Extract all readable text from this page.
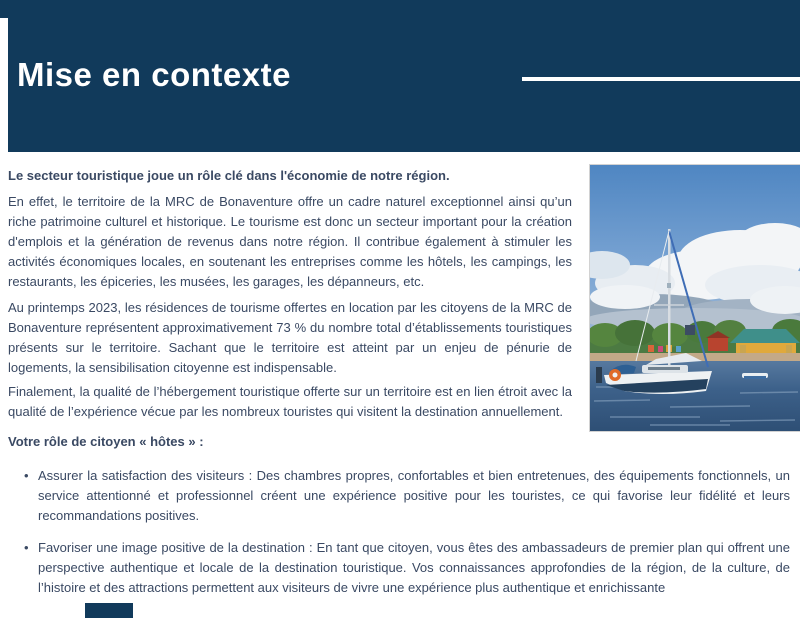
Mise en contexte

Le secteur touristique joue un rôle clé dans l'économie de notre région.

En effet, le territoire de la MRC de Bonaventure offre un cadre naturel exceptionnel ainsi qu’un riche patrimoine culturel et historique. Le tourisme est donc un secteur important pour la création d'emplois et la génération de revenus dans notre région. Il contribue également à stimuler les activités économiques locales, en soutenant les entreprises comme les hôtels, les campings, les restaurants, les épiceries, les musées, les garages, les dépanneurs, etc.

Au printemps 2023, les résidences de tourisme offertes en location par les citoyens de la MRC de Bonaventure représentent approximativement 73 % du nombre total d’établissements touristiques présents sur le territoire. Sachant que le territoire est atteint par un enjeu de pénurie de logements, la sensibilisation citoyenne est indispensable.

Finalement, la qualité de l’hébergement touristique offerte sur un territoire est en lien étroit avec la qualité de l’expérience vécue par les nombreux touristes qui visitent la destination annuellement.

Votre rôle de citoyen « hôtes » :

• Assurer la satisfaction des visiteurs : Des chambres propres, confortables et bien entretenues, des équipements fonctionnels, un service attentionné et professionnel créent une expérience positive pour les touristes, ce qui favorise leur fidélité et leurs recommandations positives.
• Favoriser une image positive de la destination : En tant que citoyen, vous êtes des ambassadeurs de premier plan qui offrent une perspective authentique et locale de la destination touristique. Vos connaissances approfondies de la région, de la culture, de l’histoire et des attractions permettent aux visiteurs de vivre une expérience plus authentique et enrichissante
